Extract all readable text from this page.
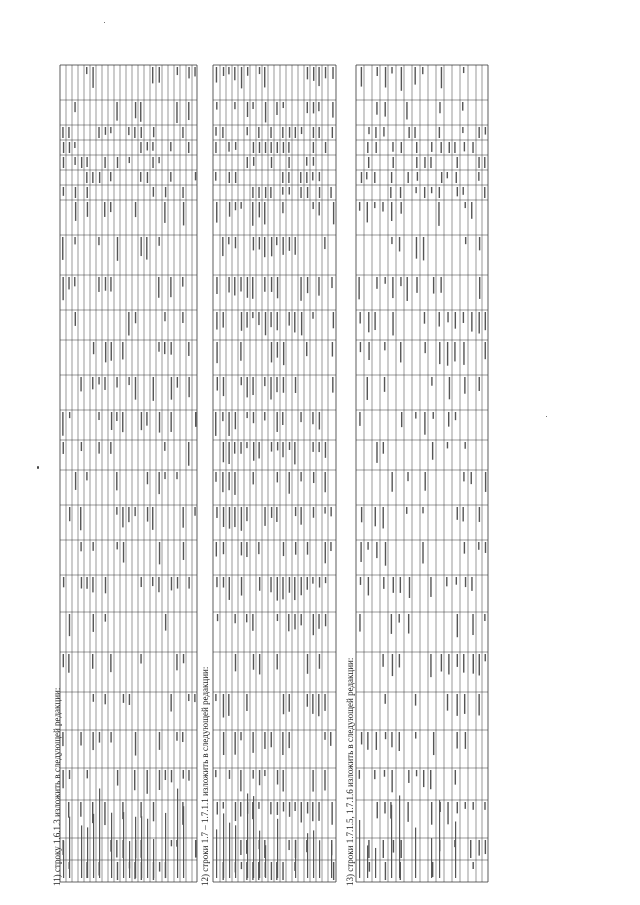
11) строку 1.6.1.3 изложить в следующей редакции:	12) строки 1.7 – 1.7.1.1 изложить в следующей редакции:	13) строки 1.7.1.5, 1.7.1.6 изложить в следующей редакции:
